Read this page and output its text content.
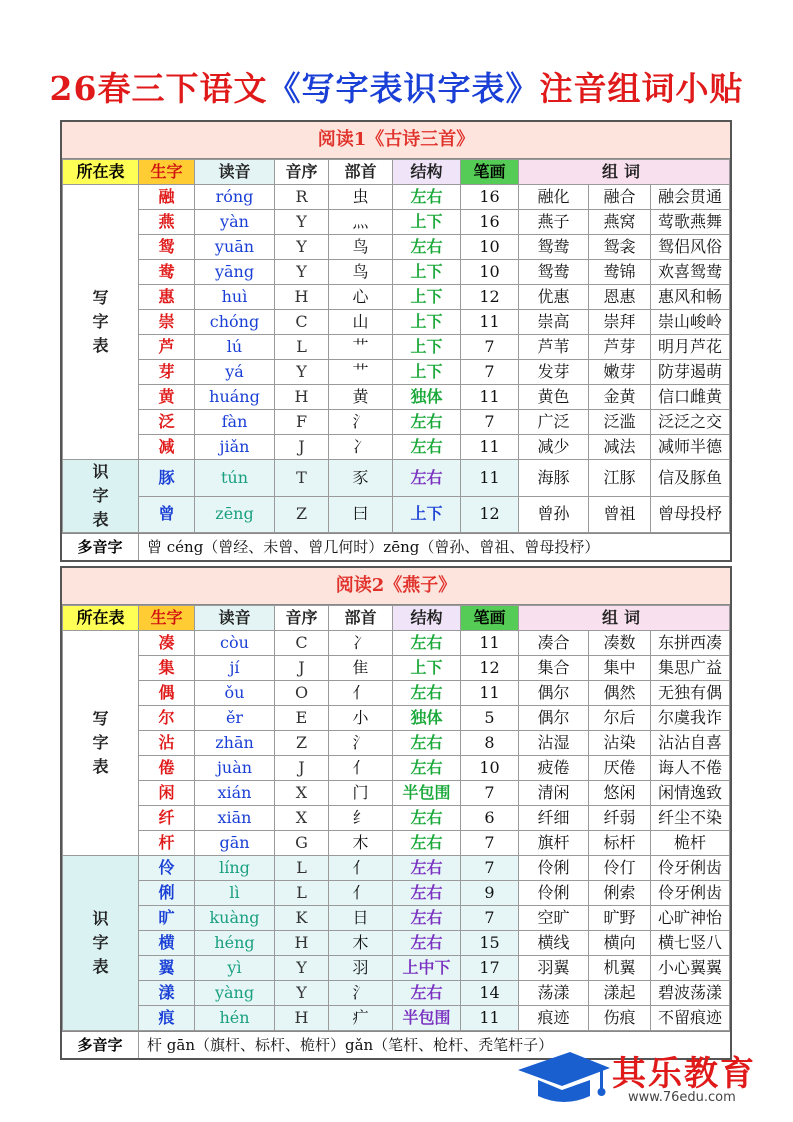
26春三下语文《写字表识字表》注音组词小贴
阅读1《古诗三首》
所在表	生字	读音	音序	部首	结构	笔画	组词		
写
字
表	融	róng	R	虫	左右	16	融化	融合	融会贯通
	燕	yàn	Y	灬	上下	16	燕子	燕窝	莺歌燕舞
	鸳	yuān	Y	鸟	左右	10	鸳鸯	鸳衾	鸳侣风俗
	鸯	yāng	Y	鸟	上下	10	鸳鸯	鸯锦	欢喜鸳鸯
	惠	huì	H	心	上下	12	优惠	恩惠	惠风和畅
	崇	chóng	C	山	上下	11	崇高	崇拜	崇山峻岭
	芦	lú	L	艹	上下	7	芦苇	芦芽	明月芦花
	芽	yá	Y	艹	上下	7	发芽	嫩芽	防芽遏萌
	黄	huáng	H	黄	独体	11	黄色	金黄	信口雌黄
	泛	fàn	F	氵	左右	7	广泛	泛滥	泛泛之交
	减	jiǎn	J	冫	左右	11	减少	减法	减师半德
识
字
表	豚	tún	T	豕	左右	11	海豚	江豚	信及豚鱼
	曾	zēng	Z	曰	上下	12	曾孙	曾祖	曾母投杼
多音字	曾 céng（曾经、未曾、曾几何时）zēng（曾孙、曾祖、曾母投杼）
阅读2《燕子》
所在表	生字	读音	音序	部首	结构	笔画	组词		
写
字
表	凑	còu	C	冫	左右	11	凑合	凑数	东拼西凑
	集	jí	J	隹	上下	12	集合	集中	集思广益
	偶	ǒu	O	亻	左右	11	偶尔	偶然	无独有偶
	尔	ěr	E	小	独体	5	偶尔	尔后	尔虞我诈
	沾	zhān	Z	氵	左右	8	沾湿	沾染	沾沾自喜
	倦	juàn	J	亻	左右	10	疲倦	厌倦	诲人不倦
	闲	xián	X	门	半包围	7	清闲	悠闲	闲情逸致
	纤	xiān	X	纟	左右	6	纤细	纤弱	纤尘不染
	杆	gān	G	木	左右	7	旗杆	标杆	桅杆
识
字
表	伶	líng	L	亻	左右	7	伶俐	伶仃	伶牙俐齿
	俐	lì	L	亻	左右	9	伶俐	俐索	伶牙俐齿
	旷	kuàng	K	日	左右	7	空旷	旷野	心旷神怡
	横	héng	H	木	左右	15	横线	横向	横七竖八
	翼	yì	Y	羽	上中下	17	羽翼	机翼	小心翼翼
	漾	yàng	Y	氵	左右	14	荡漾	漾起	碧波荡漾
	痕	hén	H	疒	半包围	11	痕迹	伤痕	不留痕迹
多音字	杆 gān（旗杆、标杆、桅杆）gǎn（笔杆、枪杆、秃笔杆子）
其乐教育
www.76edu.com
